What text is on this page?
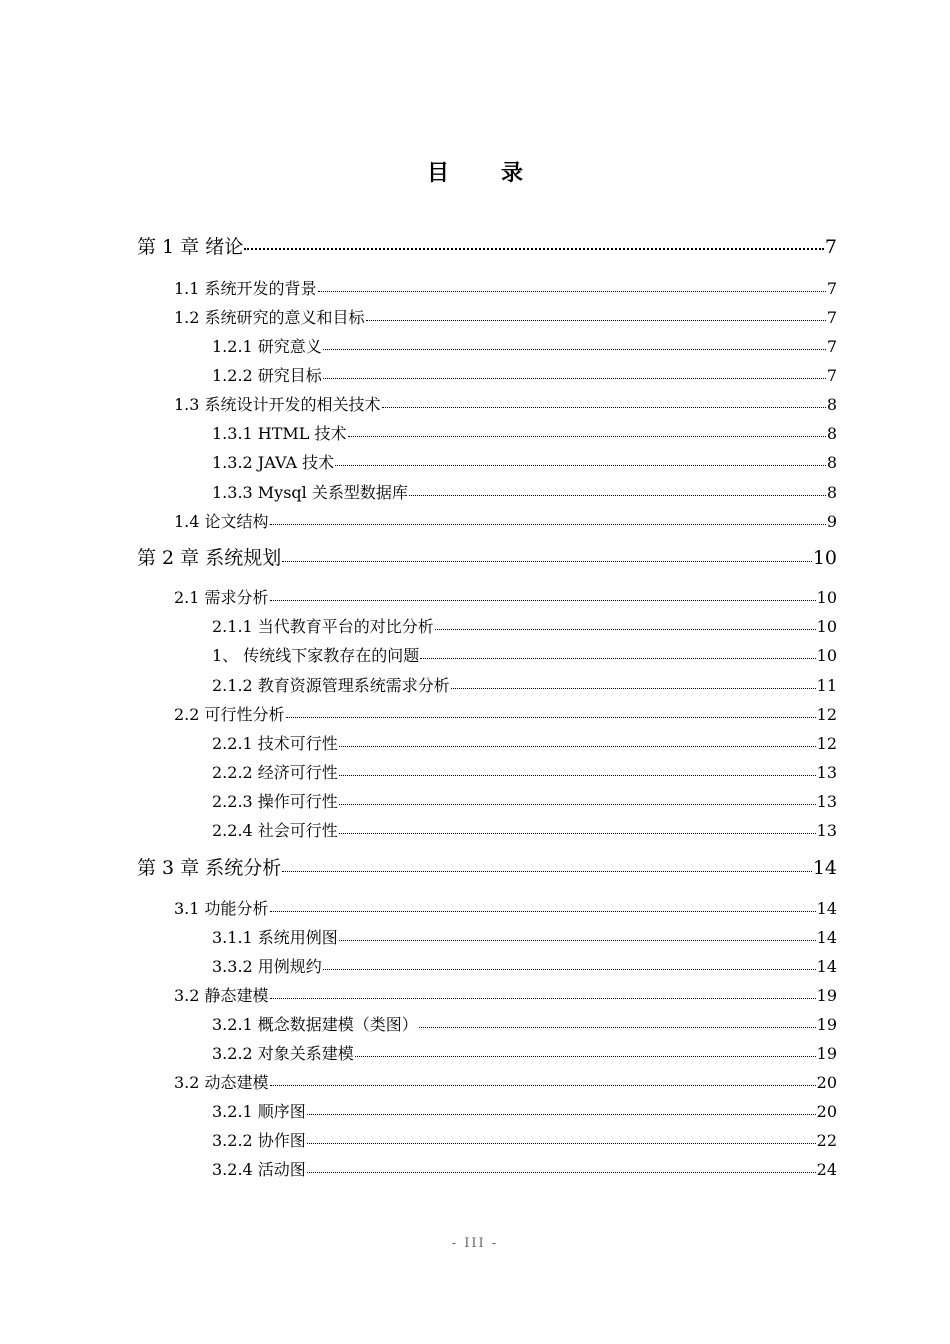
目 录
第 1 章 绪论	7
1.1 系统开发的背景	7
1.2 系统研究的意义和目标	7
1.2.1 研究意义	7
1.2.2 研究目标	7
1.3 系统设计开发的相关技术	8
1.3.1 HTML 技术	8
1.3.2 JAVA 技术	8
1.3.3 Mysql 关系型数据库	8
1.4 论文结构	9
第 2 章 系统规划	10
2.1 需求分析	10
2.1.1 当代教育平台的对比分析	10
1、 传统线下家教存在的问题	10
2.1.2 教育资源管理系统需求分析	11
2.2 可行性分析	12
2.2.1 技术可行性	12
2.2.2 经济可行性	13
2.2.3 操作可行性	13
2.2.4 社会可行性	13
第 3 章 系统分析	14
3.1 功能分析	14
3.1.1 系统用例图	14
3.3.2 用例规约	14
3.2 静态建模	19
3.2.1 概念数据建模（类图）	19
3.2.2 对象关系建模	19
3.2 动态建模	20
3.2.1 顺序图	20
3.2.2 协作图	22
3.2.4 活动图	24
- III -
